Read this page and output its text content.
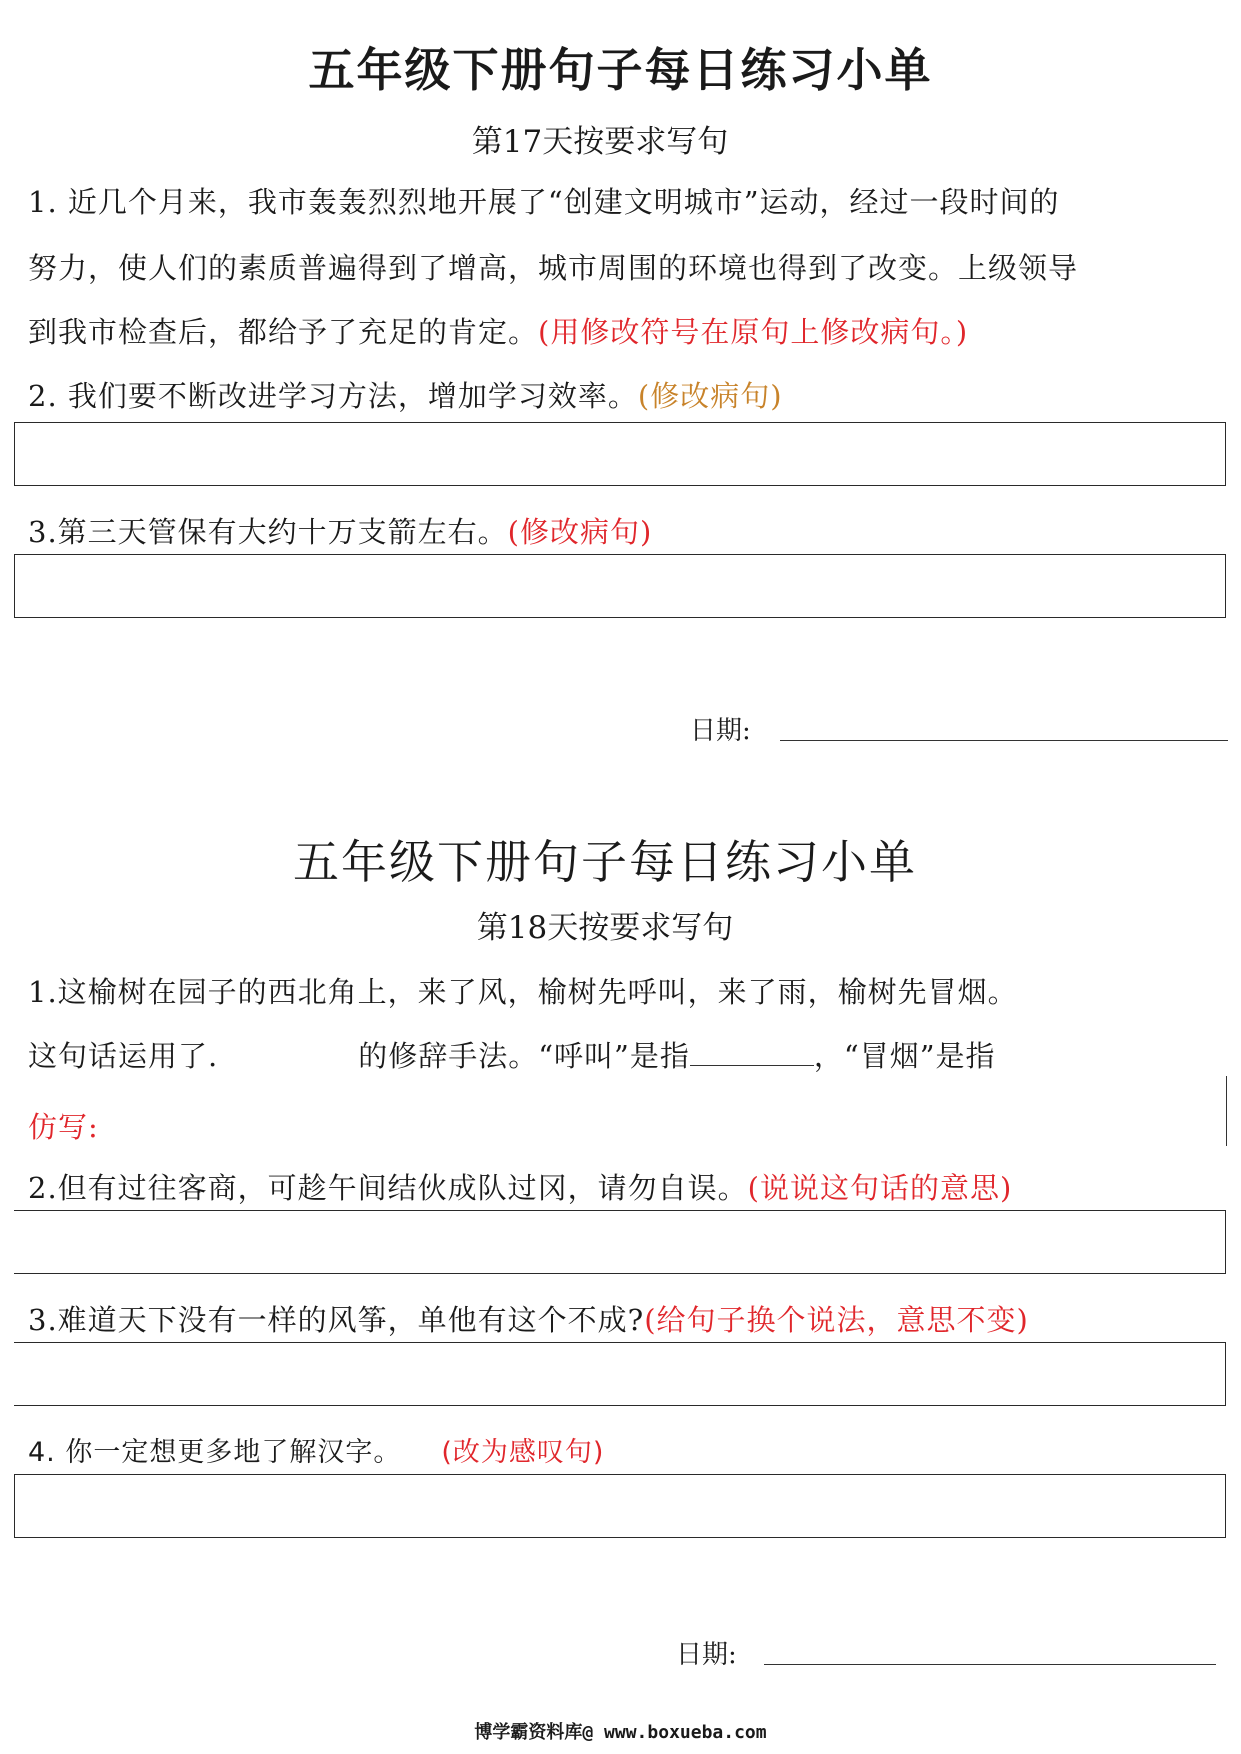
五年级下册句子每日练习小单
第17天按要求写句
1. 近几个月来，我市轰轰烈烈地开展了“创建文明城市”运动，经过一段时间的
努力，使人们的素质普遍得到了增高，城市周围的环境也得到了改变。上级领导
到我市检查后，都给予了充足的肯定。(用修改符号在原句上修改病句。)
2. 我们要不断改进学习方法，增加学习效率。(修改病句)
3.第三天管保有大约十万支箭左右。(修改病句)
日期:
五年级下册句子每日练习小单
第18天按要求写句
1.这榆树在园子的西北角上，来了风，榆树先呼叫，来了雨，榆树先冒烟。
这句话运用了.	的修辞手法。“呼叫”是指	，“冒烟”是指
仿写:
2.但有过往客商，可趁午间结伙成队过冈，请勿自误。(说说这句话的意思)
3.难道天下没有一样的风筝，单他有这个不成?(给句子换个说法，意思不变)
4. 你一定想更多地了解汉字。 (改为感叹句)
日期:
博学霸资料库@ www.boxueba.com
